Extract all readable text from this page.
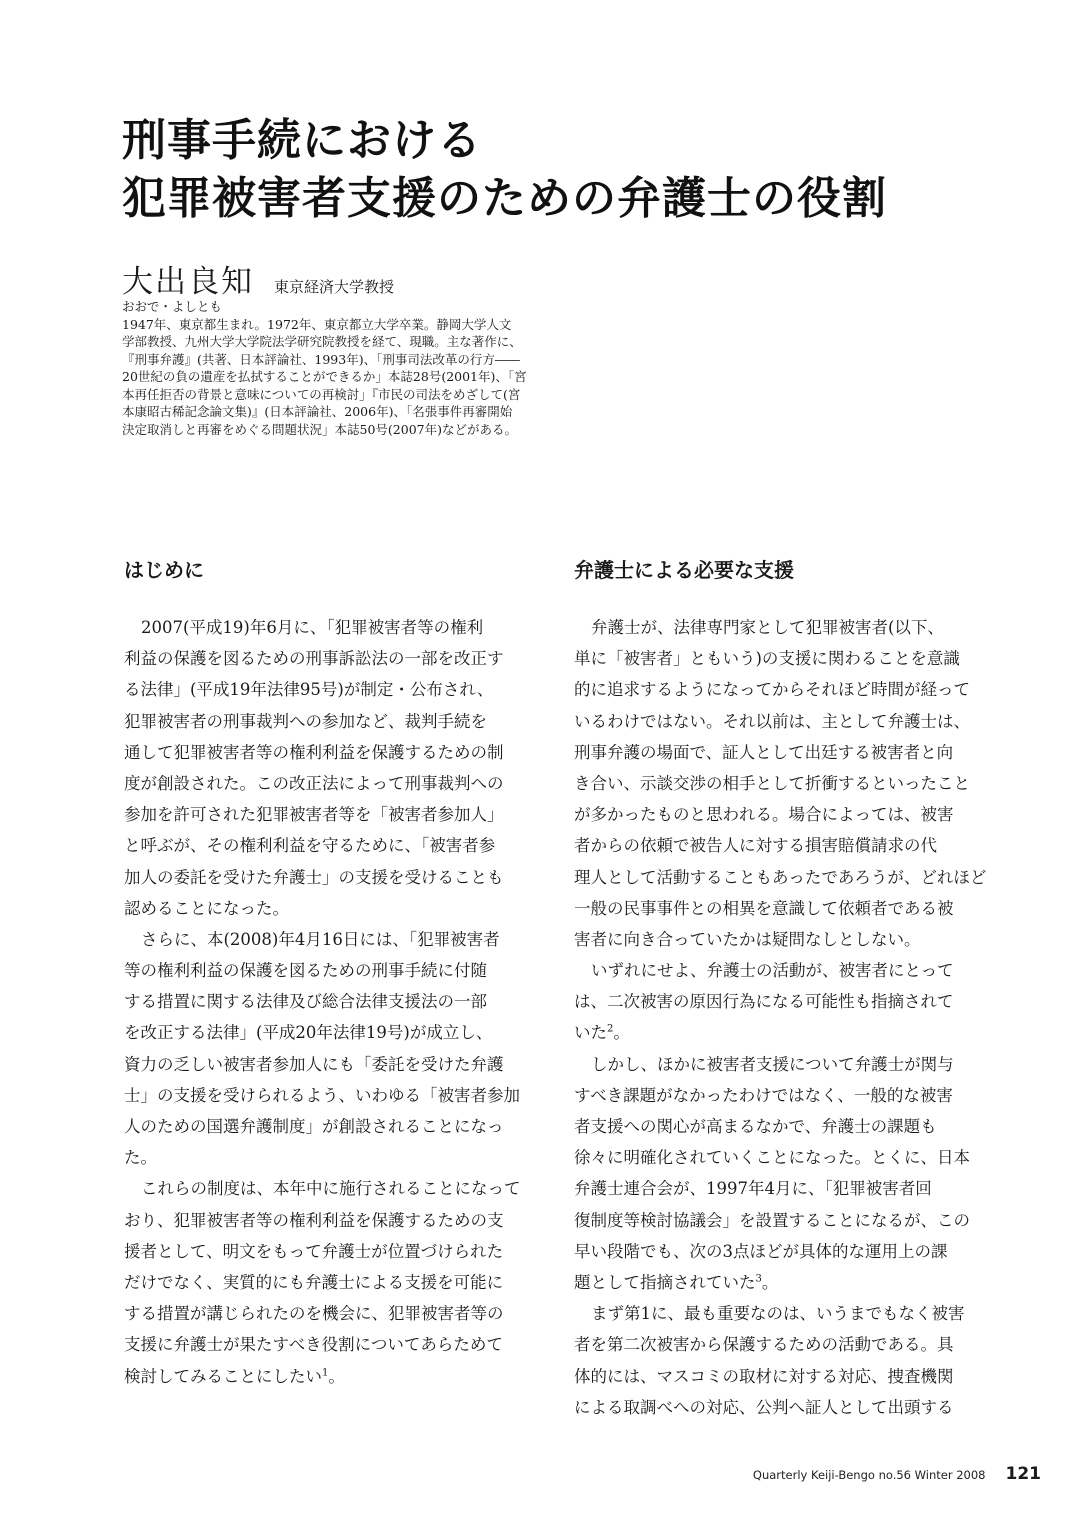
刑事手続における
犯罪被害者支援のための弁護士の役割
大出良知 東京経済大学教授
おおで・よしとも
1947年、東京都生まれ。1972年、東京都立大学卒業。静岡大学人文
学部教授、九州大学大学院法学研究院教授を経て、現職。主な著作に、
『刑事弁護』(共著、日本評論社、1993年)、「刑事司法改革の行方――
20世紀の負の遺産を払拭することができるか」本誌28号(2001年)、「宮
本再任拒否の背景と意味についての再検討」『市民の司法をめざして(宮
本康昭古稀記念論文集)』(日本評論社、2006年)、「名張事件再審開始
決定取消しと再審をめぐる問題状況」本誌50号(2007年)などがある。
はじめに
2007(平成19)年6月に、「犯罪被害者等の権利
利益の保護を図るための刑事訴訟法の一部を改正す
る法律」(平成19年法律95号)が制定・公布され、
犯罪被害者の刑事裁判への参加など、裁判手続を
通して犯罪被害者等の権利利益を保護するための制
度が創設された。この改正法によって刑事裁判への
参加を許可された犯罪被害者等を「被害者参加人」
と呼ぶが、その権利利益を守るために、「被害者参
加人の委託を受けた弁護士」の支援を受けることも
認めることになった。
さらに、本(2008)年4月16日には、「犯罪被害者
等の権利利益の保護を図るための刑事手続に付随
する措置に関する法律及び総合法律支援法の一部
を改正する法律」(平成20年法律19号)が成立し、
資力の乏しい被害者参加人にも「委託を受けた弁護
士」の支援を受けられるよう、いわゆる「被害者参加
人のための国選弁護制度」が創設されることになっ
た。
これらの制度は、本年中に施行されることになって
おり、犯罪被害者等の権利利益を保護するための支
援者として、明文をもって弁護士が位置づけられた
だけでなく、実質的にも弁護士による支援を可能に
する措置が講じられたのを機会に、犯罪被害者等の
支援に弁護士が果たすべき役割についてあらためて
検討してみることにしたい$^1$。
弁護士による必要な支援
弁護士が、法律専門家として犯罪被害者(以下、
単に「被害者」ともいう)の支援に関わることを意識
的に追求するようになってからそれほど時間が経って
いるわけではない。それ以前は、主として弁護士は、
刑事弁護の場面で、証人として出廷する被害者と向
き合い、示談交渉の相手として折衝するといったこと
が多かったものと思われる。場合によっては、被害
者からの依頼で被告人に対する損害賠償請求の代
理人として活動することもあったであろうが、どれほど
一般の民事事件との相異を意識して依頼者である被
害者に向き合っていたかは疑問なしとしない。
いずれにせよ、弁護士の活動が、被害者にとって
は、二次被害の原因行為になる可能性も指摘されて
いた$^2$。
しかし、ほかに被害者支援について弁護士が関与
すべき課題がなかったわけではなく、一般的な被害
者支援への関心が高まるなかで、弁護士の課題も
徐々に明確化されていくことになった。とくに、日本
弁護士連合会が、1997年4月に、「犯罪被害者回
復制度等検討協議会」を設置することになるが、この
早い段階でも、次の3点ほどが具体的な運用上の課
題として指摘されていた$^3$。
まず第1に、最も重要なのは、いうまでもなく被害
者を第二次被害から保護するための活動である。具
体的には、マスコミの取材に対する対応、捜査機関
による取調べへの対応、公判へ証人として出頭する
Quarterly Keiji-Bengo no.56 Winter 2008 121
